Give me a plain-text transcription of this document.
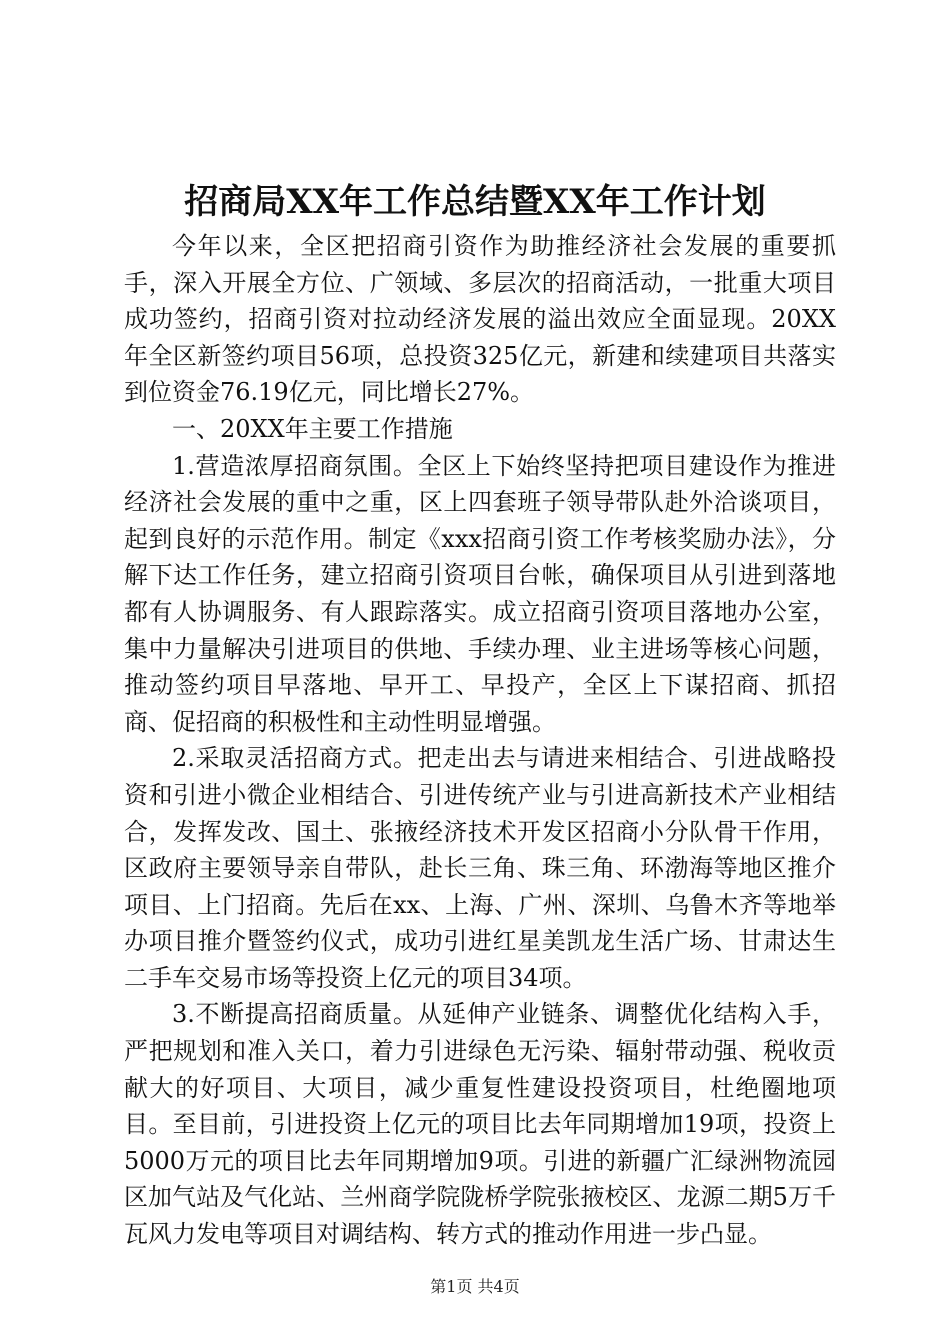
招商局XX年工作总结暨XX年工作计划

今年以来，全区把招商引资作为助推经济社会发展的重要抓手，深入开展全方位、广领域、多层次的招商活动，一批重大项目成功签约，招商引资对拉动经济发展的溢出效应全面显现。20XX年全区新签约项目56项，总投资325亿元，新建和续建项目共落实到位资金76.19亿元，同比增长27%。

一、20XX年主要工作措施

1.营造浓厚招商氛围。全区上下始终坚持把项目建设作为推进经济社会发展的重中之重，区上四套班子领导带队赴外洽谈项目，起到良好的示范作用。制定《xxx招商引资工作考核奖励办法》，分解下达工作任务，建立招商引资项目台帐，确保项目从引进到落地都有人协调服务、有人跟踪落实。成立招商引资项目落地办公室，集中力量解决引进项目的供地、手续办理、业主进场等核心问题，推动签约项目早落地、早开工、早投产，全区上下谋招商、抓招商、促招商的积极性和主动性明显增强。

2.采取灵活招商方式。把走出去与请进来相结合、引进战略投资和引进小微企业相结合、引进传统产业与引进高新技术产业相结合，发挥发改、国土、张掖经济技术开发区招商小分队骨干作用，区政府主要领导亲自带队，赴长三角、珠三角、环渤海等地区推介项目、上门招商。先后在xx、上海、广州、深圳、乌鲁木齐等地举办项目推介暨签约仪式，成功引进红星美凯龙生活广场、甘肃达生二手车交易市场等投资上亿元的项目34项。

3.不断提高招商质量。从延伸产业链条、调整优化结构入手，严把规划和准入关口，着力引进绿色无污染、辐射带动强、税收贡献大的好项目、大项目，减少重复性建设投资项目，杜绝圈地项目。至目前，引进投资上亿元的项目比去年同期增加19项，投资上5000万元的项目比去年同期增加9项。引进的新疆广汇绿洲物流园区加气站及气化站、兰州商学院陇桥学院张掖校区、龙源二期5万千瓦风力发电等项目对调结构、转方式的推动作用进一步凸显。

第1页 共4页
